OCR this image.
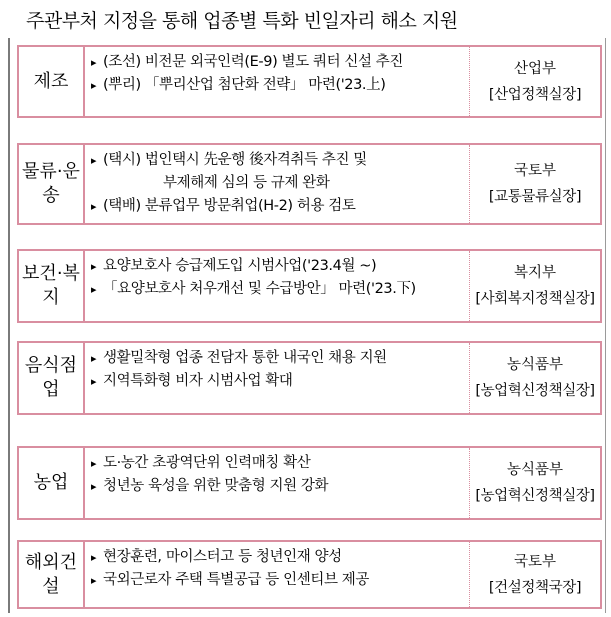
주관부처 지정을 통해 업종별 특화 빈일자리 해소 지원
제조
▸ (조선) 비전문 외국인력(E-9) 별도 쿼터 신설 추진
▸ (뿌리) 「뿌리산업 첨단화 전략」 마련('23.上)
산업부
[산업정책실장]
물류·운송
▸ (택시) 법인택시 先운행 後자격취득 추진 및
부제해제 심의 등 규제 완화
▸ (택배) 분류업무 방문취업(H-2) 허용 검토
국토부
[교통물류실장]
보건·복지
▸ 요양보호사 승급제도입 시범사업('23.4월 ~)
▸ 「요양보호사 처우개선 및 수급방안」 마련('23.下)
복지부
[사회복지정책실장]
음식점업
▸ 생활밀착형 업종 전담자 통한 내국인 채용 지원
▸ 지역특화형 비자 시범사업 확대
농식품부
[농업혁신정책실장]
농업
▸ 도·농간 초광역단위 인력매칭 확산
▸ 청년농 육성을 위한 맞춤형 지원 강화
농식품부
[농업혁신정책실장]
해외건설
▸ 현장훈련, 마이스터고 등 청년인재 양성
▸ 국외근로자 주택 특별공급 등 인센티브 제공
국토부
[건설정책국장]
